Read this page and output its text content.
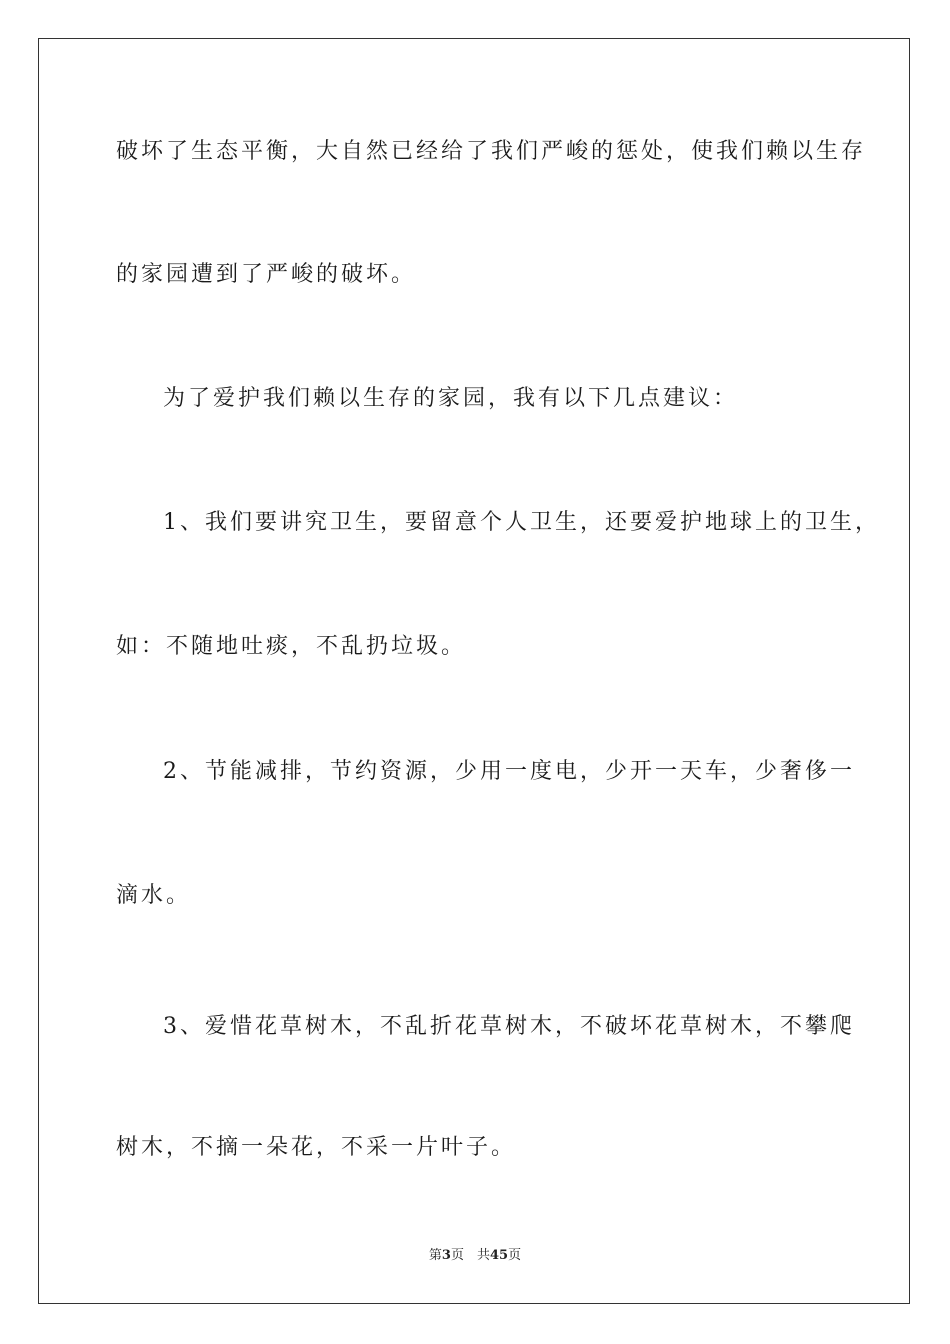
破坏了生态平衡，大自然已经给了我们严峻的惩处，使我们赖以生存
的家园遭到了严峻的破坏。
为了爱护我们赖以生存的家园，我有以下几点建议：
1、我们要讲究卫生，要留意个人卫生，还要爱护地球上的卫生，
如：不随地吐痰，不乱扔垃圾。
2、节能减排，节约资源，少用一度电，少开一天车，少奢侈一
滴水。
3、爱惜花草树木，不乱折花草树木，不破坏花草树木，不攀爬
树木，不摘一朵花，不采一片叶子。
第3页　共45页
